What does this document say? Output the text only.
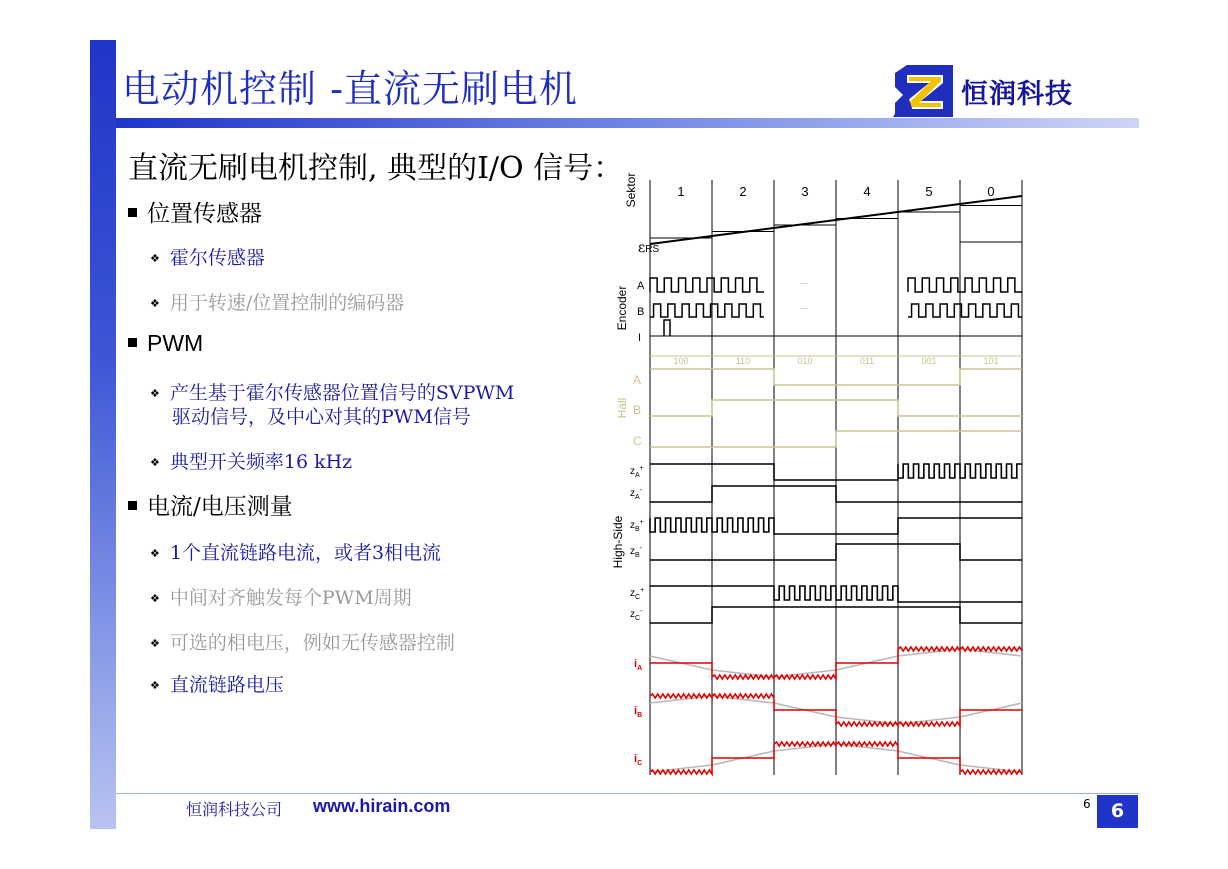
电动机控制 -直流无刷电机	恒润科技
直流无刷电机控制, 典型的I/O 信号：
位置传感器
❖ 霍尔传感器
❖ 用于转速/位置控制的编码器
PWM
❖ 产生基于霍尔传感器位置信号的SVPWM
驱动信号，及中心对其的PWM信号
❖ 典型开关频率16 kHz
电流/电压测量
❖ 1个直流链路电流，或者3相电流
❖ 中间对齐触发每个PWM周期
❖ 可选的相电压，例如无传感器控制
❖ 直流链路电压
Sektor	1	2	3	4	5	0
εRS
Encoder A
B
I
...
...
100	110	010	011	001	101
Hall
A
B
C
High-Side
$z_A^+$
$z_A^-$
$z_B^+$
$z_B^-$
$z_C^+$
$z_C^-$
$i_A$
$i_B$
$i_C$
恒润科技公司 www.hirain.com	6	6
